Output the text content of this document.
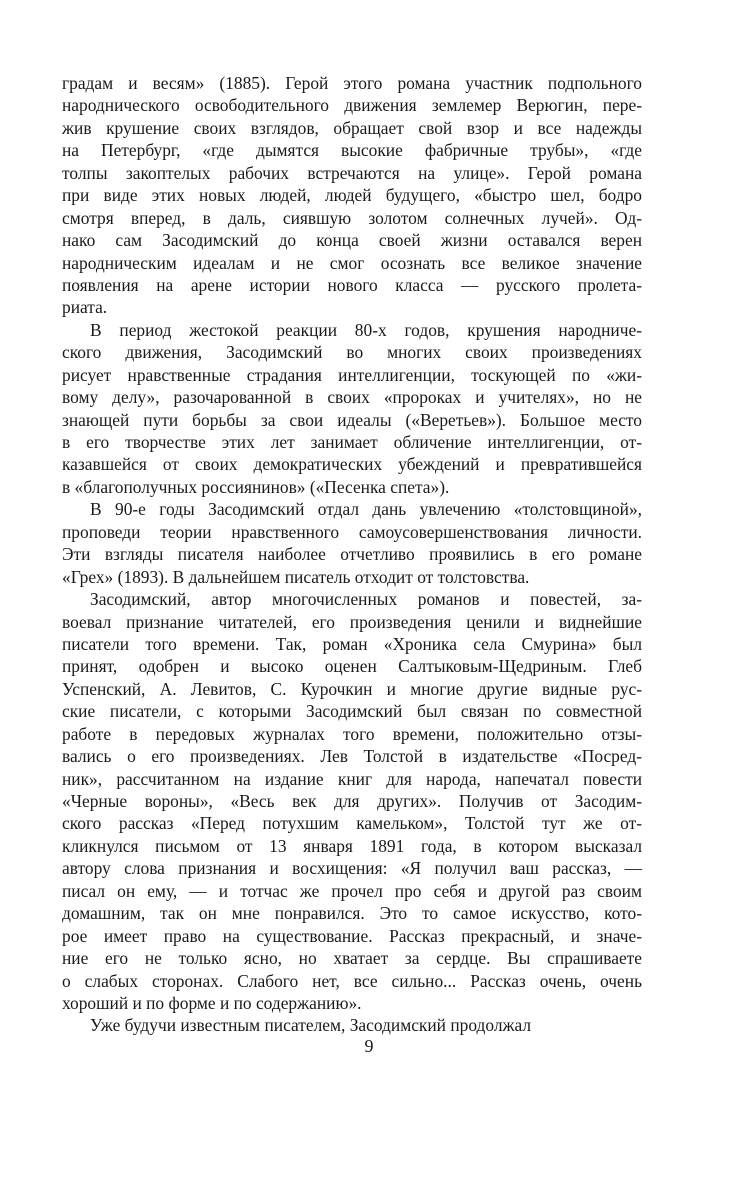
градам и весям» (1885). Герой этого романа участник подпольного
народнического освободительного движения землемер Верюгин, пере-
жив крушение своих взглядов, обращает свой взор и все надежды
на Петербург, «где дымятся высокие фабричные трубы», «где
толпы закоптелых рабочих встречаются на улице». Герой романа
при виде этих новых людей, людей будущего, «быстро шел, бодро
смотря вперед, в даль, сиявшую золотом солнечных лучей». Од-
нако сам Засодимский до конца своей жизни оставался верен
народническим идеалам и не смог осознать все великое значение
появления на арене истории нового класса — русского пролета-
риата.
В период жестокой реакции 80-х годов, крушения народниче-
ского движения, Засодимский во многих своих произведениях
рисует нравственные страдания интеллигенции, тоскующей по «жи-
вому делу», разочарованной в своих «пророках и учителях», но не
знающей пути борьбы за свои идеалы («Веретьев»). Большое место
в его творчестве этих лет занимает обличение интеллигенции, от-
казавшейся от своих демократических убеждений и превратившейся
в «благополучных россиянинов» («Песенка спета»).
В 90-е годы Засодимский отдал дань увлечению «толстовщиной»,
проповеди теории нравственного самоусовершенствования личности.
Эти взгляды писателя наиболее отчетливо проявились в его романе
«Грех» (1893). В дальнейшем писатель отходит от толстовства.
Засодимский, автор многочисленных романов и повестей, за-
воевал признание читателей, его произведения ценили и виднейшие
писатели того времени. Так, роман «Хроника села Смурина» был
принят, одобрен и высоко оценен Салтыковым-Щедриным. Глеб
Успенский, А. Левитов, С. Курочкин и многие другие видные рус-
ские писатели, с которыми Засодимский был связан по совместной
работе в передовых журналах того времени, положительно отзы-
вались о его произведениях. Лев Толстой в издательстве «Посред-
ник», рассчитанном на издание книг для народа, напечатал повести
«Черные вороны», «Весь век для других». Получив от Засодим-
ского рассказ «Перед потухшим камельком», Толстой тут же от-
кликнулся письмом от 13 января 1891 года, в котором высказал
автору слова признания и восхищения: «Я получил ваш рассказ, —
писал он ему, — и тотчас же прочел про себя и другой раз своим
домашним, так он мне понравился. Это то самое искусство, кото-
рое имеет право на существование. Рассказ прекрасный, и значе-
ние его не только ясно, но хватает за сердце. Вы спрашиваете
о слабых сторонах. Слабого нет, все сильно... Рассказ очень, очень
хороший и по форме и по содержанию».
Уже будучи известным писателем, Засодимский продолжал
9
